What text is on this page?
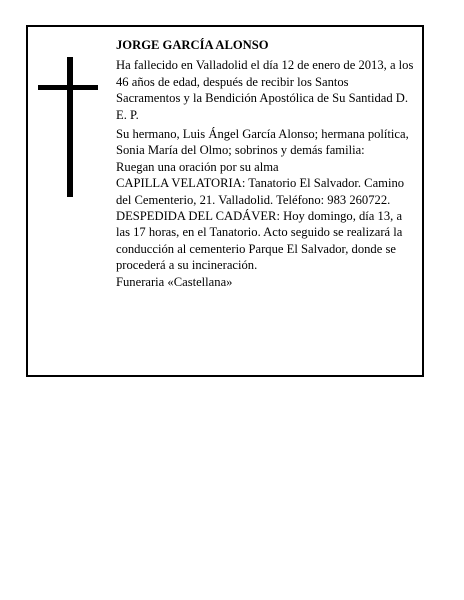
JORGE GARCÍA ALONSO

Ha fallecido en Valladolid el día 12 de enero de 2013, a los 46 años de edad, después de recibir los Santos Sacramentos y la Bendición Apostólica de Su Santidad D. E. P.

Su hermano, Luis Ángel García Alonso; hermana política, Sonia María del Olmo; sobrinos y demás familia:

Ruegan una oración por su alma

CAPILLA VELATORIA: Tanatorio El Salvador. Camino del Cementerio, 21. Valladolid. Teléfono: 983 260722.

DESPEDIDA DEL CADÁVER: Hoy domingo, día 13, a las 17 horas, en el Tanatorio. Acto seguido se realizará la conducción al cementerio Parque El Salvador, donde se procederá a su incineración.

Funeraria «Castellana»
